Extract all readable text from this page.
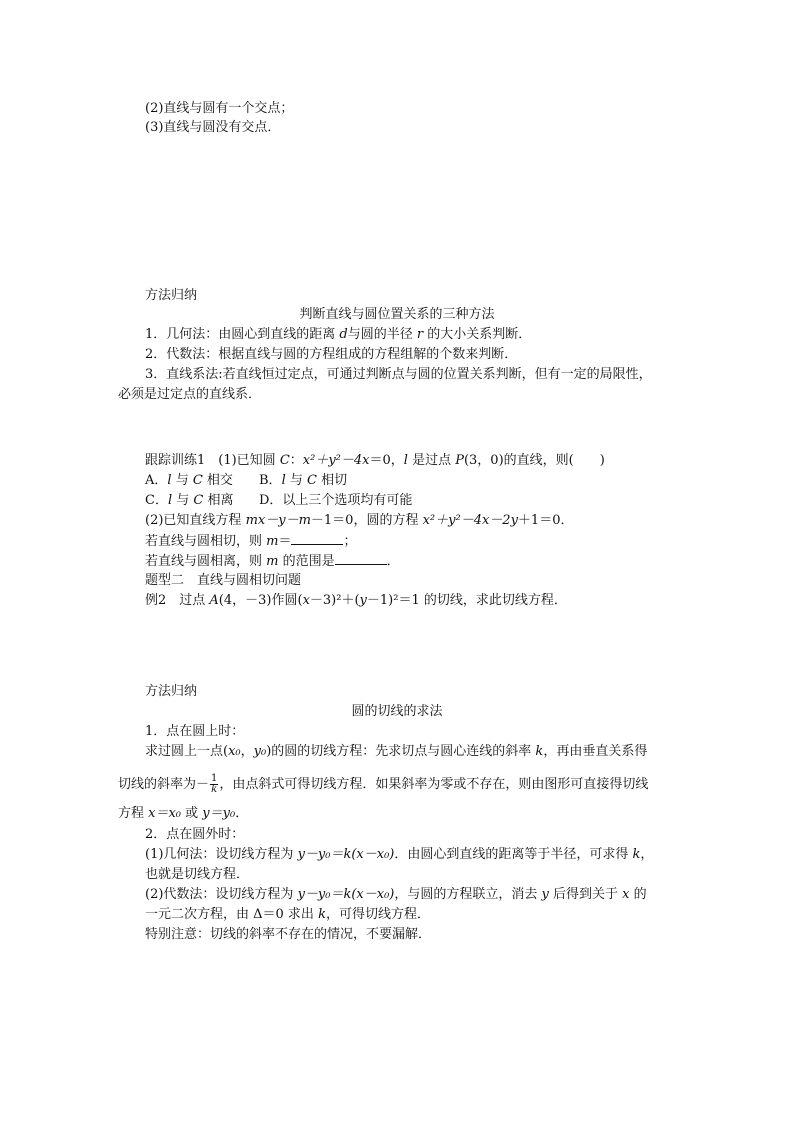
(2)直线与圆有一个交点；
(3)直线与圆没有交点．
方法归纳
判断直线与圆位置关系的三种方法
1．几何法：由圆心到直线的距离 d与圆的半径 r 的大小关系判断．
2．代数法：根据直线与圆的方程组成的方程组解的个数来判断．
3．直线系法:若直线恒过定点，可通过判断点与圆的位置关系判断，但有一定的局限性，
必须是过定点的直线系．
跟踪训练1　(1)已知圆 C：x²＋y²－4x＝0，l 是过点 P(3，0)的直线，则(　　)
A．l 与 C 相交 B．l 与 C 相切
C．l 与 C 相离 D．以上三个选项均有可能
(2)已知直线方程 mx－y－m－1＝0，圆的方程 x²＋y²－4x－2y＋1＝0．
若直线与圆相切，则 m＝	；
若直线与圆相离，则 m 的范围是	．
题型二　直线与圆相切问题
例2　过点 A(4，－3)作圆(x－3)²＋(y－1)²＝1 的切线，求此切线方程．
方法归纳
圆的切线的求法
1．点在圆上时：
求过圆上一点(x₀，y₀)的圆的切线方程：先求切点与圆心连线的斜率 k，再由垂直关系得
切线的斜率为－ $\frac{1}{k}$ ，由点斜式可得切线方程．如果斜率为零或不存在，则由图形可直接得切线
方程 x＝x₀ 或 y＝y₀．
2．点在圆外时：
(1)几何法：设切线方程为 y－y₀＝k(x－x₀)．由圆心到直线的距离等于半径，可求得 k，
也就是切线方程．
(2)代数法：设切线方程为 y－y₀＝k(x－x₀)，与圆的方程联立，消去 y 后得到关于 x 的
一元二次方程，由 Δ＝0 求出 k，可得切线方程．
特别注意：切线的斜率不存在的情况，不要漏解．
